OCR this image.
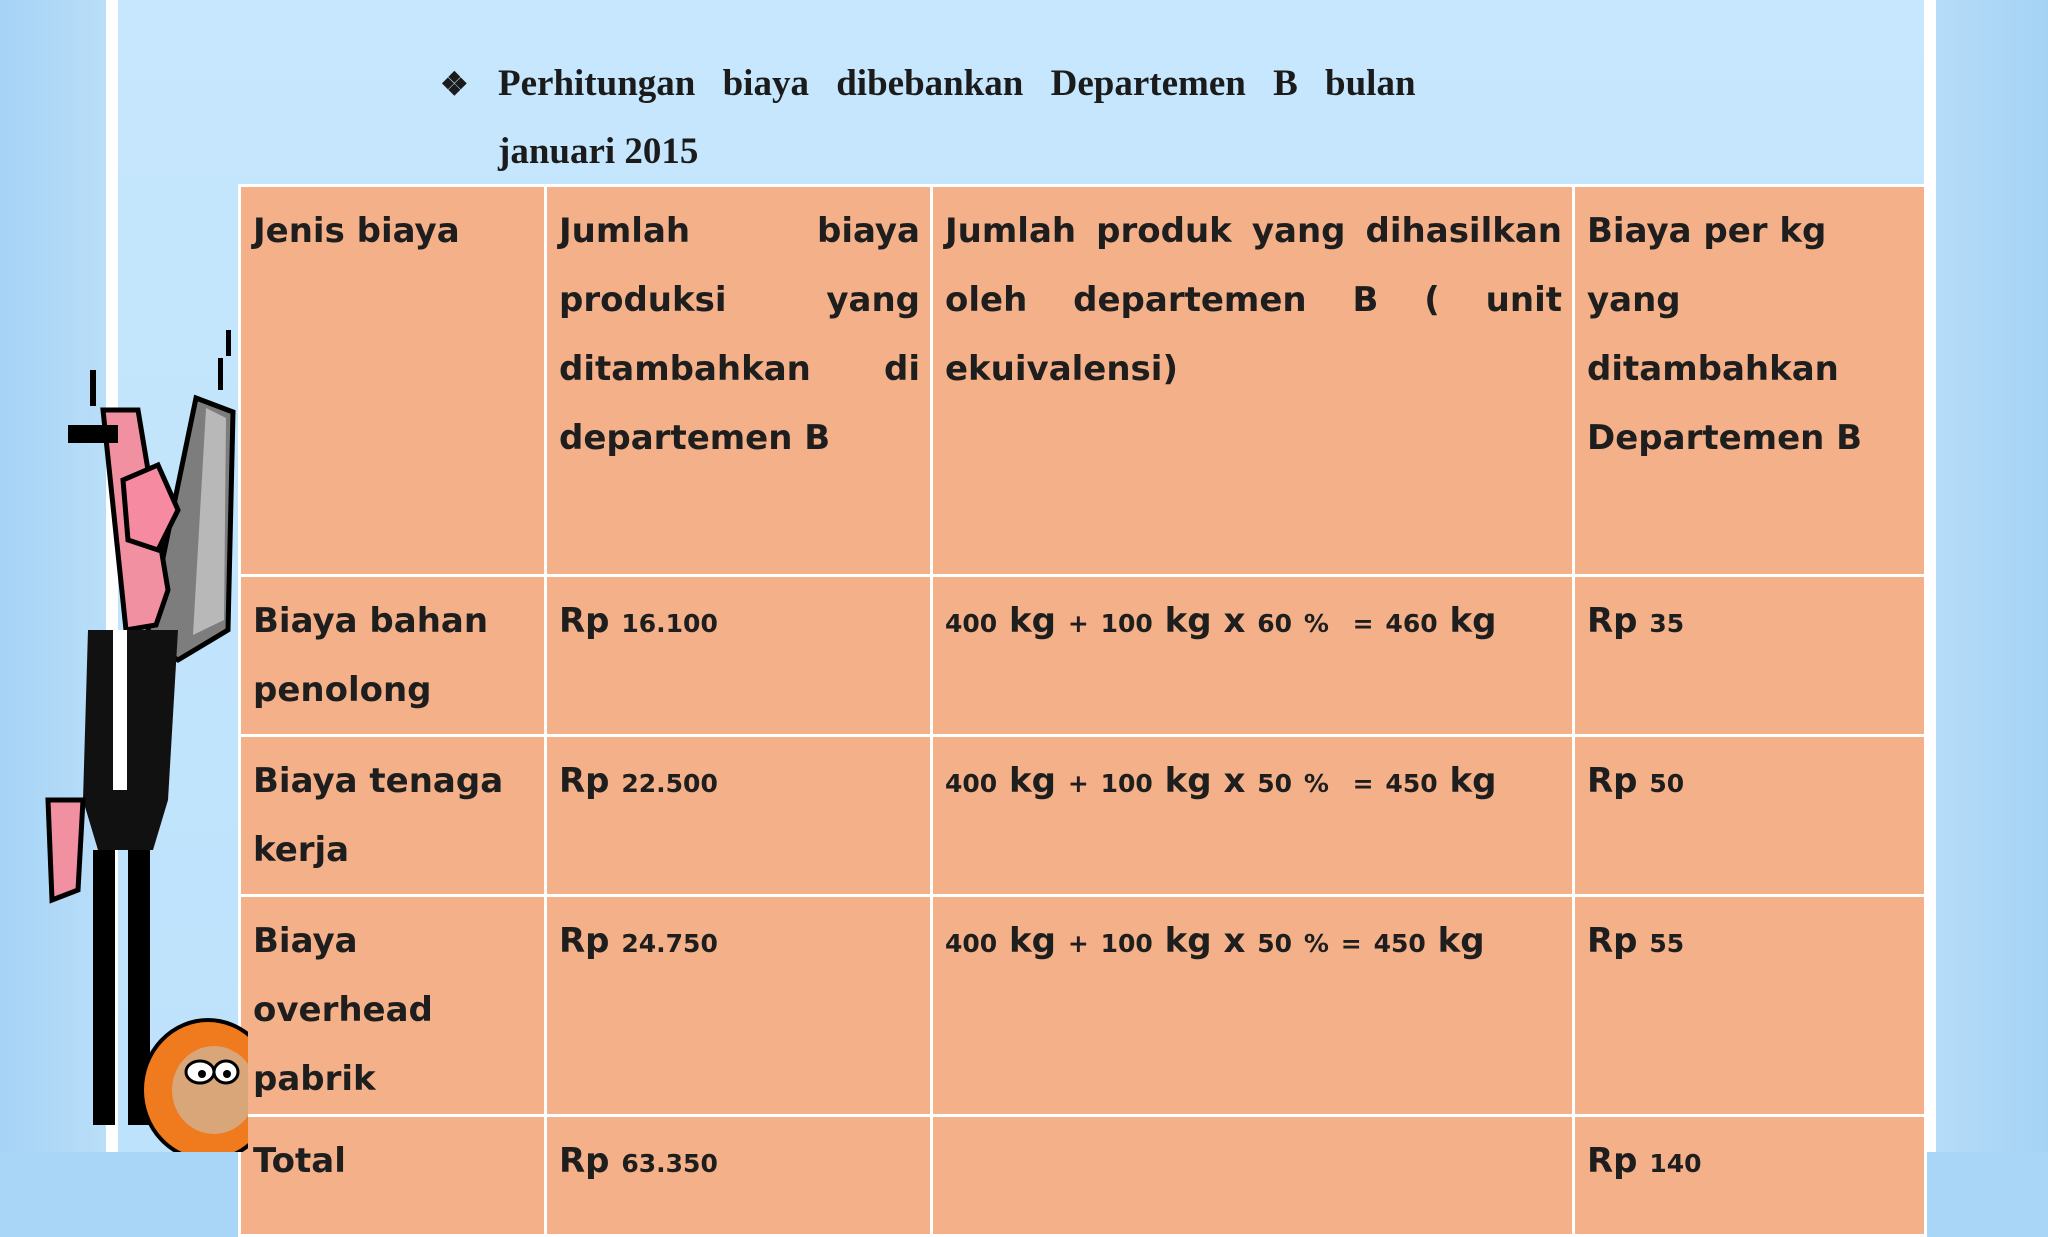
❖ Perhitungan biaya dibebankan Departemen B bulan
januari 2015
Jenis biaya	Jumlah biaya produksi yang ditambahkan di departemen B	Jumlah produk yang dihasilkan oleh departemen B ( unit ekuivalensi)	Biaya per kg yang ditambahkan Departemen B
Biaya bahan penolong	Rp 16.100	400 kg + 100 kg x 60 % = 460 kg	Rp 35
Biaya tenaga kerja	Rp 22.500	400 kg + 100 kg x 50 % = 450 kg	Rp 50
Biaya overhead pabrik	Rp 24.750	400 kg + 100 kg x 50 % = 450 kg	Rp 55
Total	Rp 63.350		Rp 140
